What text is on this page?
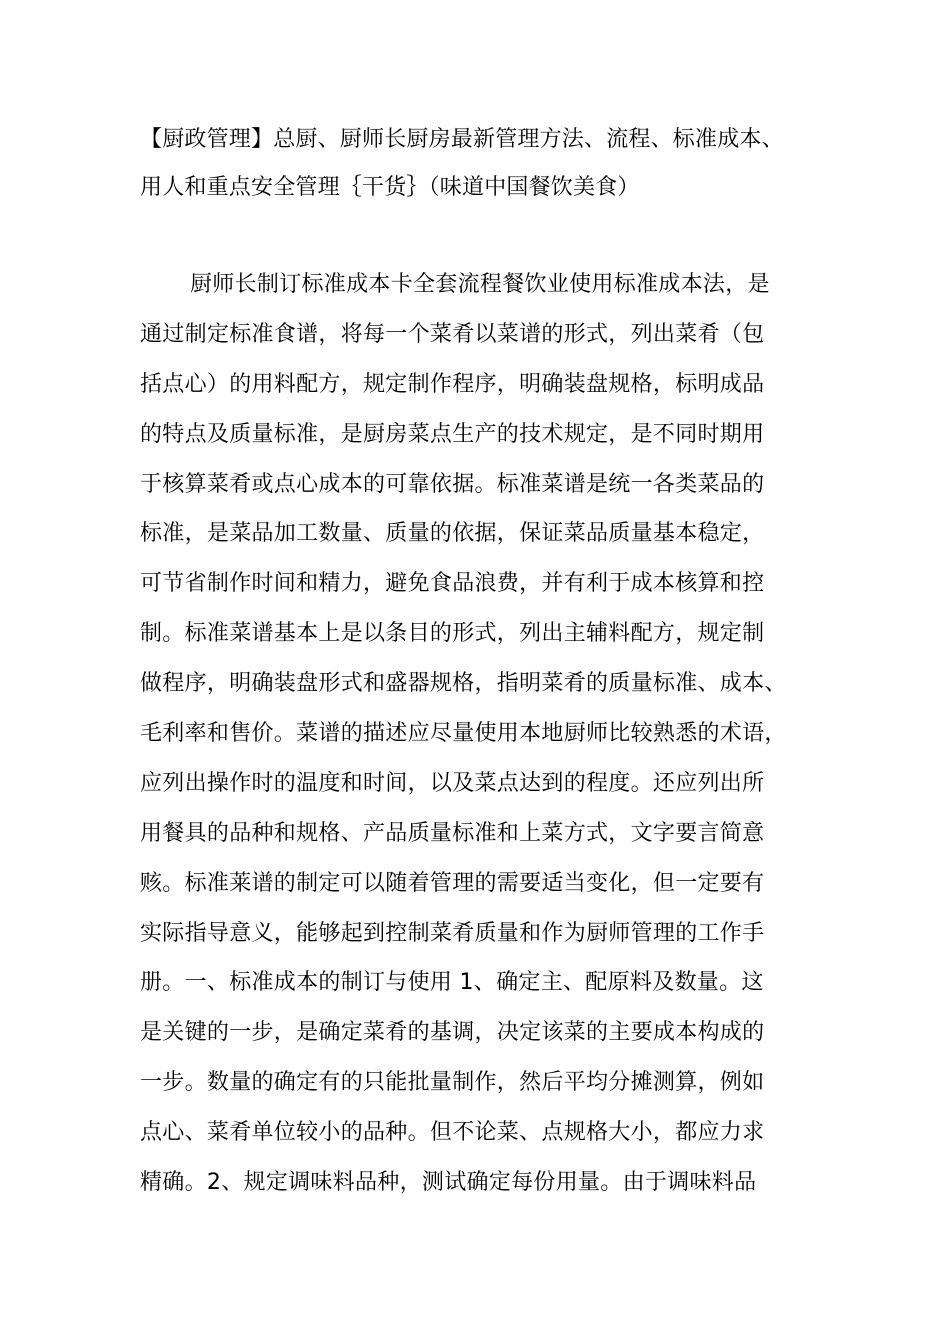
【厨政管理】总厨、厨师长厨房最新管理方法、流程、标准成本、
用人和重点安全管理｛干货｝（味道中国餐饮美食）
厨师长制订标准成本卡全套流程餐饮业使用标准成本法，是
通过制定标准食谱，将每一个菜肴以菜谱的形式，列出菜肴（包
括点心）的用料配方，规定制作程序，明确装盘规格，标明成品
的特点及质量标准，是厨房菜点生产的技术规定，是不同时期用
于核算菜肴或点心成本的可靠依据。标准菜谱是统一各类菜品的
标准，是菜品加工数量、质量的依据，保证菜品质量基本稳定，
可节省制作时间和精力，避免食品浪费，并有利于成本核算和控
制。标准菜谱基本上是以条目的形式，列出主辅料配方，规定制
做程序，明确装盘形式和盛器规格，指明菜肴的质量标准、成本、
毛利率和售价。菜谱的描述应尽量使用本地厨师比较熟悉的术语，
应列出操作时的温度和时间，以及菜点达到的程度。还应列出所
用餐具的品种和规格、产品质量标准和上菜方式，文字要言简意
赅。标准莱谱的制定可以随着管理的需要适当变化，但一定要有
实际指导意义，能够起到控制菜肴质量和作为厨师管理的工作手
册。一、标准成本的制订与使用 1、确定主、配原料及数量。这
是关键的一步，是确定菜肴的基调，决定该菜的主要成本构成的
一步。数量的确定有的只能批量制作，然后平均分摊测算，例如
点心、菜肴单位较小的品种。但不论菜、点规格大小，都应力求
精确。2、规定调味料品种，测试确定每份用量。由于调味料品
